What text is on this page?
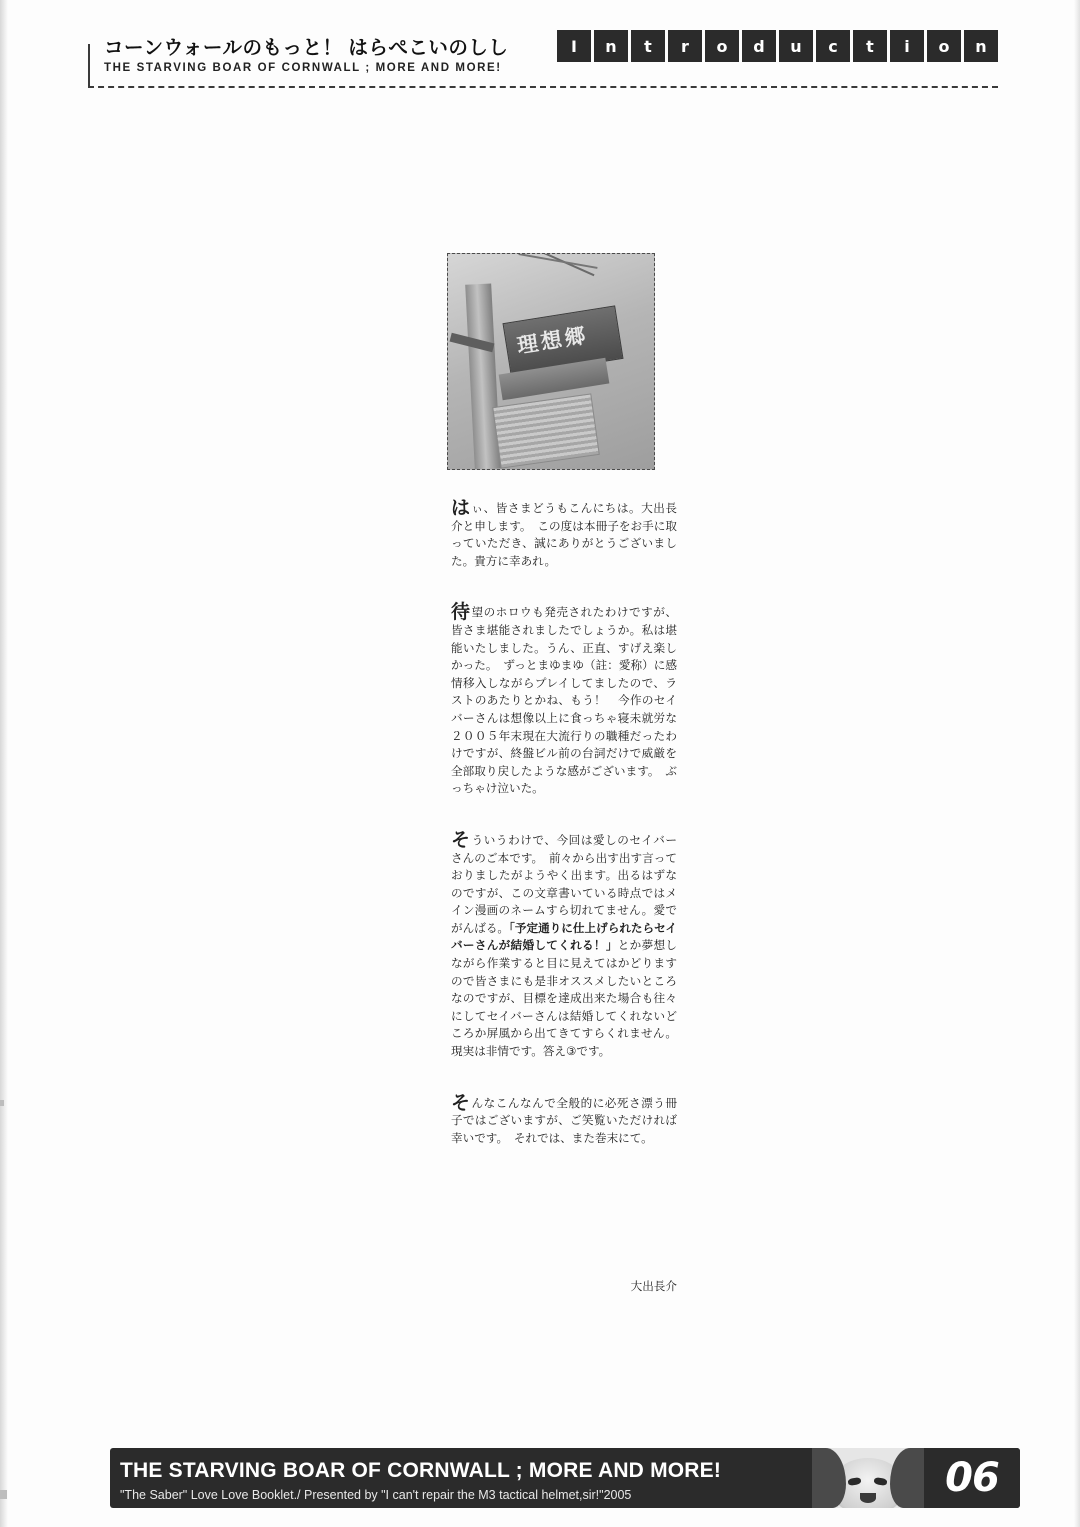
コーンウォールのもっと！ はらぺこいのしし
THE STARVING BOAR OF CORNWALL ; MORE AND MORE!
I	n	t	r	o	d	u	c	t	i	o	n
理想郷

はぃ、皆さまどうもこんにちは。大出長介と申します。　この度は本冊子をお手に取っていただき、誠にありがとうございました。貴方に幸あれ。

待望のホロウも発売されたわけですが、皆さま堪能されましたでしょうか。私は堪能いたしました。うん、正直、すげえ楽しかった。　ずっとまゆまゆ（註：愛称）に感情移入しながらプレイしてましたので、ラストのあたりとかね、もう！　今作のセイバーさんは想像以上に食っちゃ寝未就労な２００５年末現在大流行りの職種だったわけですが、終盤ビル前の台詞だけで威厳を全部取り戻したような感がございます。　ぶっちゃけ泣いた。

そういうわけで、今回は愛しのセイバーさんのご本です。　前々から出す出す言っておりましたがようやく出ます。出るはずなのですが、この文章書いている時点ではメイン漫画のネームすら切れてません。愛でがんばる。「予定通りに仕上げられたらセイバーさんが結婚してくれる！」とか夢想しながら作業すると目に見えてはかどりますので皆さまにも是非オススメしたいところなのですが、目標を達成出来た場合も往々にしてセイバーさんは結婚してくれないどころか屏風から出てきてすらくれません。現実は非情です。答え③です。

そんなこんなんで全般的に必死さ漂う冊子ではございますが、ご笑覧いただければ幸いです。　それでは、また巻末にて。

大出長介
THE STARVING BOAR OF CORNWALL ; MORE AND MORE!
"The Saber" Love Love Booklet./ Presented by "I can't repair the M3 tactical helmet,sir!"2005	06
